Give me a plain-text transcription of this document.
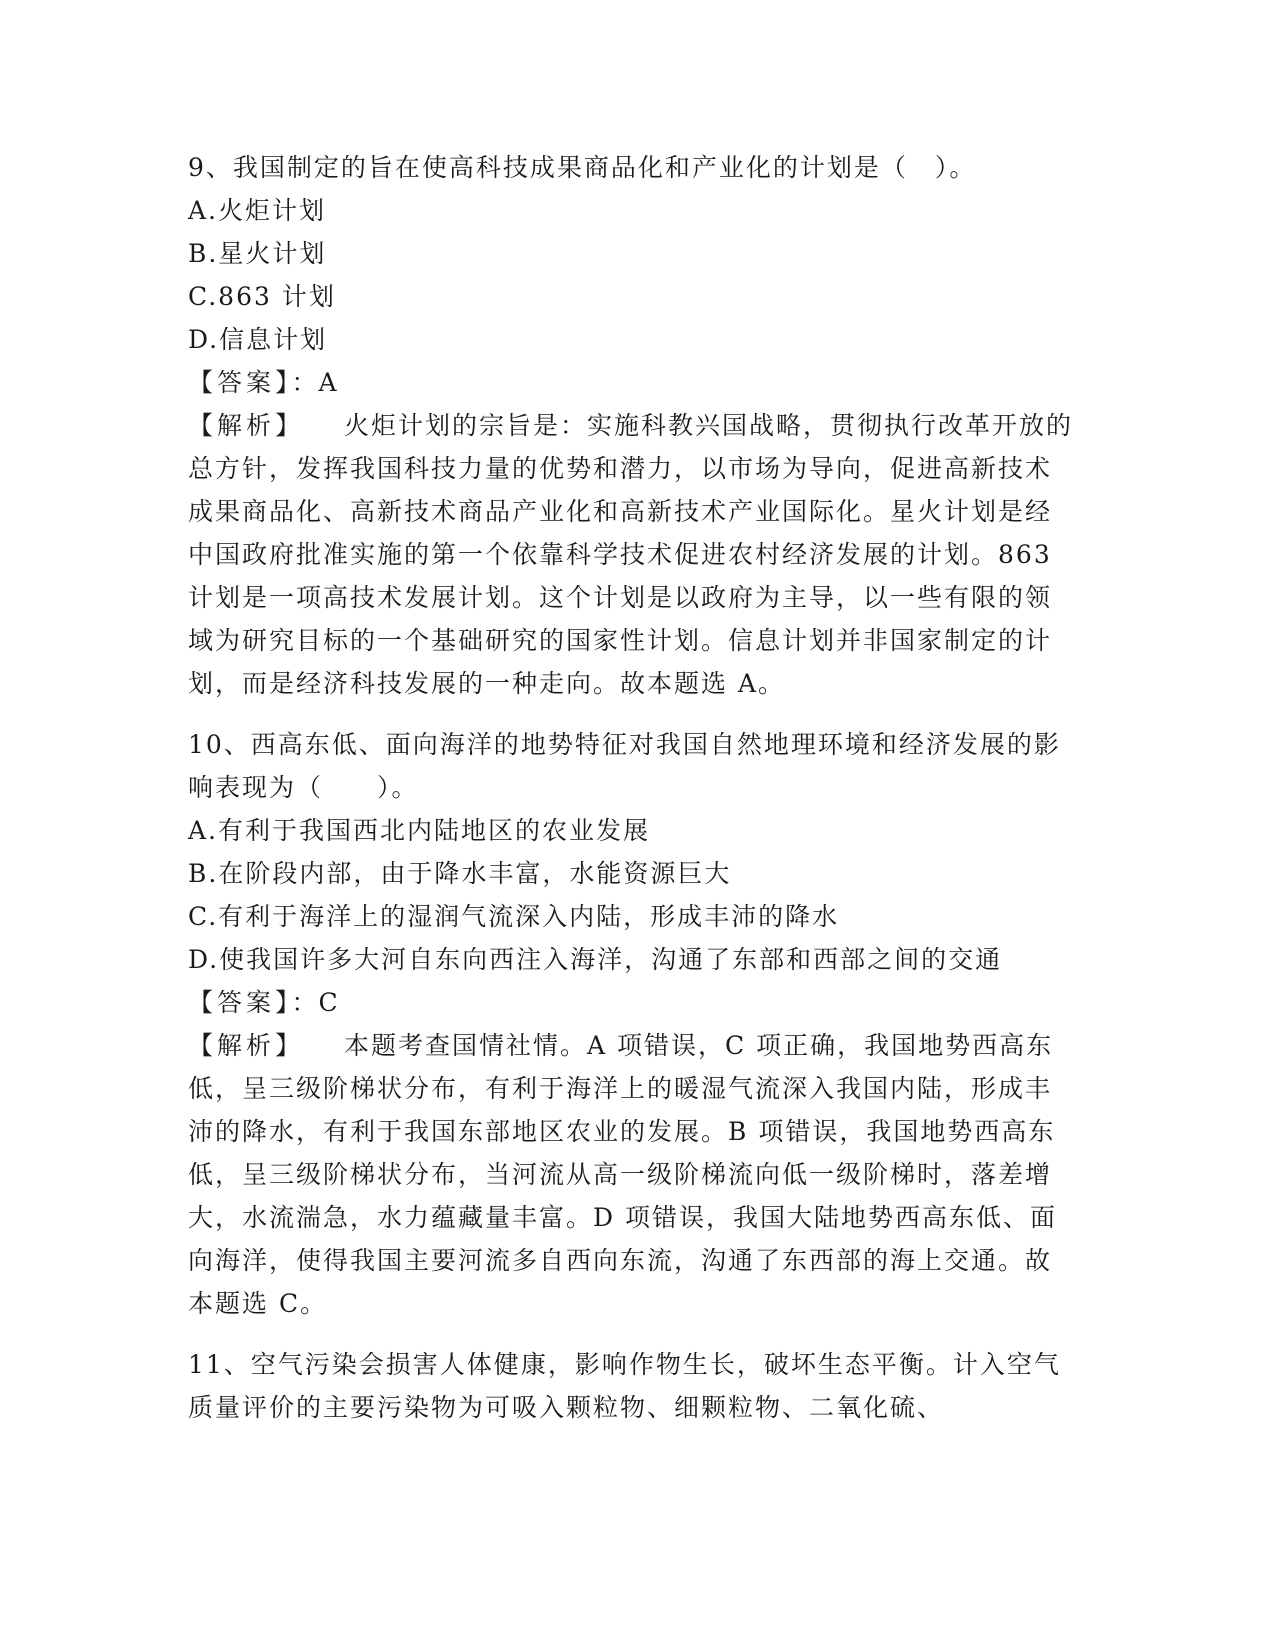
9、我国制定的旨在使高科技成果商品化和产业化的计划是（　）。

A.火炬计划

B.星火计划

C.863 计划

D.信息计划

【答案】：A

【解析】 火炬计划的宗旨是：实施科教兴国战略，贯彻执行改革开放的总方针，发挥我国科技力量的优势和潜力，以市场为导向，促进高新技术成果商品化、高新技术商品产业化和高新技术产业国际化。星火计划是经中国政府批准实施的第一个依靠科学技术促进农村经济发展的计划。863 计划是一项高技术发展计划。这个计划是以政府为主导，以一些有限的领域为研究目标的一个基础研究的国家性计划。信息计划并非国家制定的计划，而是经济科技发展的一种走向。故本题选 A。

10、西高东低、面向海洋的地势特征对我国自然地理环境和经济发展的影响表现为（　　）。

A.有利于我国西北内陆地区的农业发展

B.在阶段内部，由于降水丰富，水能资源巨大

C.有利于海洋上的湿润气流深入内陆，形成丰沛的降水

D.使我国许多大河自东向西注入海洋，沟通了东部和西部之间的交通

【答案】：C

【解析】 本题考查国情社情。A 项错误，C 项正确，我国地势西高东低，呈三级阶梯状分布，有利于海洋上的暖湿气流深入我国内陆，形成丰沛的降水，有利于我国东部地区农业的发展。B 项错误，我国地势西高东低，呈三级阶梯状分布，当河流从高一级阶梯流向低一级阶梯时，落差增大，水流湍急，水力蕴藏量丰富。D 项错误，我国大陆地势西高东低、面向海洋，使得我国主要河流多自西向东流，沟通了东西部的海上交通。故本题选 C。

11、空气污染会损害人体健康，影响作物生长，破坏生态平衡。计入空气质量评价的主要污染物为可吸入颗粒物、细颗粒物、二氧化硫、
